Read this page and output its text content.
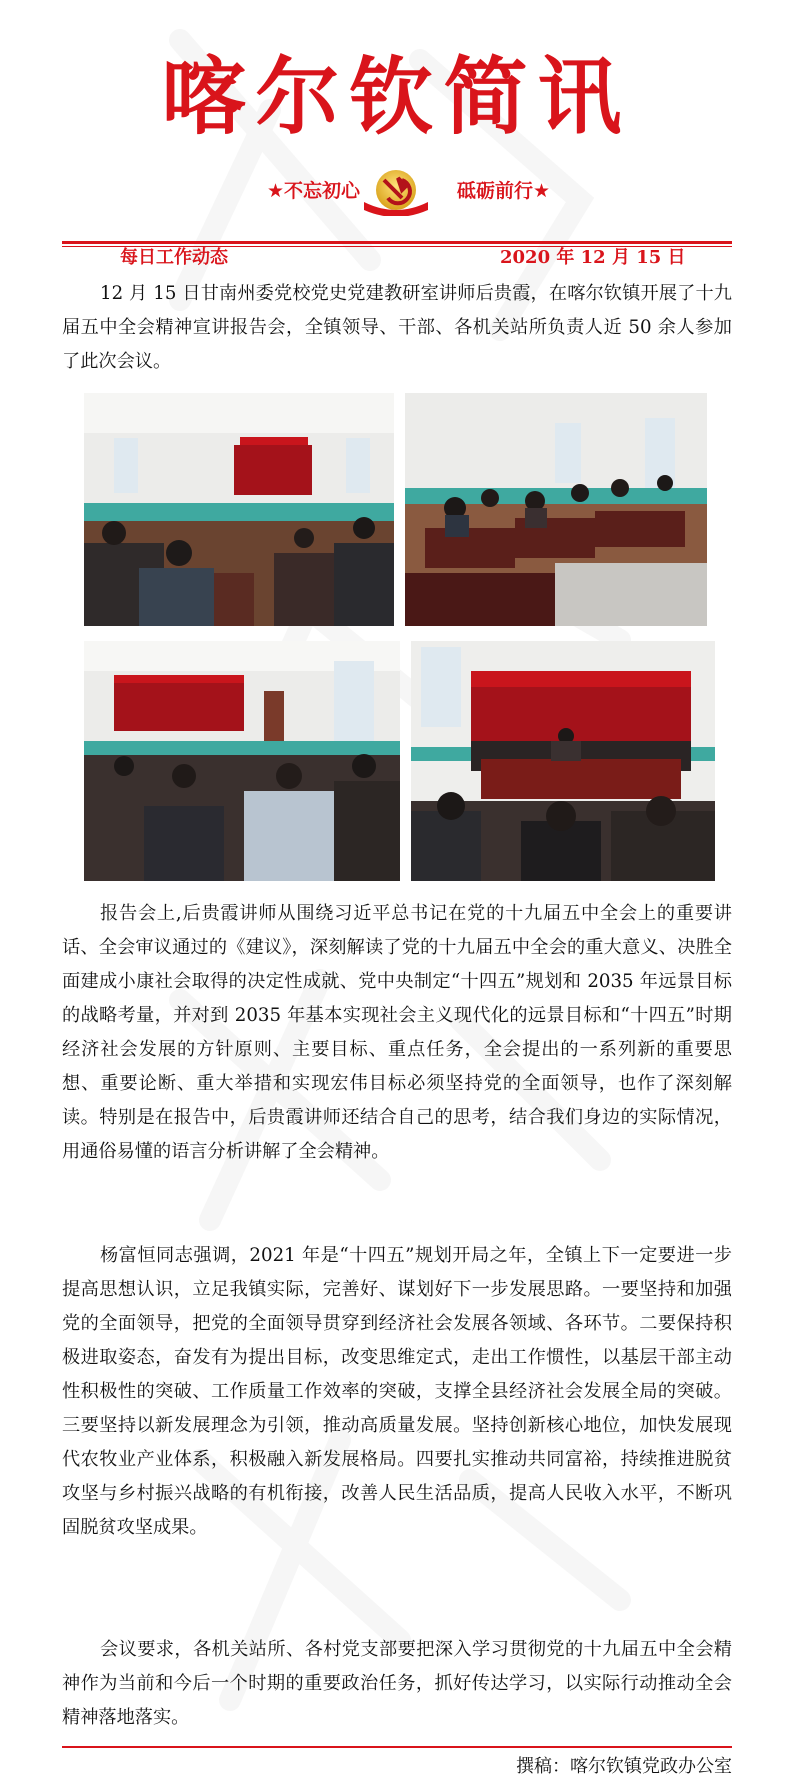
喀尔钦简讯
★不忘初心	砥砺前行★
每日工作动态	2020 年 12 月 15 日

12 月 15 日甘南州委党校党史党建教研室讲师后贵霞，在喀尔钦镇开展了十九届五中全会精神宣讲报告会，全镇领导、干部、各机关站所负责人近 50 余人参加了此次会议。

报告会上,后贵霞讲师从围绕习近平总书记在党的十九届五中全会上的重要讲话、全会审议通过的《建议》，深刻解读了党的十九届五中全会的重大意义、决胜全面建成小康社会取得的决定性成就、党中央制定“十四五”规划和 2035 年远景目标的战略考量，并对到 2035 年基本实现社会主义现代化的远景目标和“十四五”时期经济社会发展的方针原则、主要目标、重点任务，全会提出的一系列新的重要思想、重要论断、重大举措和实现宏伟目标必须坚持党的全面领导，也作了深刻解读。特别是在报告中，后贵霞讲师还结合自己的思考，结合我们身边的实际情况，用通俗易懂的语言分析讲解了全会精神。

杨富恒同志强调，2021 年是“十四五”规划开局之年，全镇上下一定要进一步提高思想认识，立足我镇实际，完善好、谋划好下一步发展思路。一要坚持和加强党的全面领导，把党的全面领导贯穿到经济社会发展各领域、各环节。二要保持积极进取姿态，奋发有为提出目标，改变思维定式，走出工作惯性，以基层干部主动性积极性的突破、工作质量工作效率的突破，支撑全县经济社会发展全局的突破。三要坚持以新发展理念为引领，推动高质量发展。坚持创新核心地位，加快发展现代农牧业产业体系，积极融入新发展格局。四要扎实推动共同富裕，持续推进脱贫攻坚与乡村振兴战略的有机衔接，改善人民生活品质，提高人民收入水平，不断巩固脱贫攻坚成果。

会议要求，各机关站所、各村党支部要把深入学习贯彻党的十九届五中全会精神作为当前和今后一个时期的重要政治任务，抓好传达学习，以实际行动推动全会精神落地落实。

撰稿：喀尔钦镇党政办公室
